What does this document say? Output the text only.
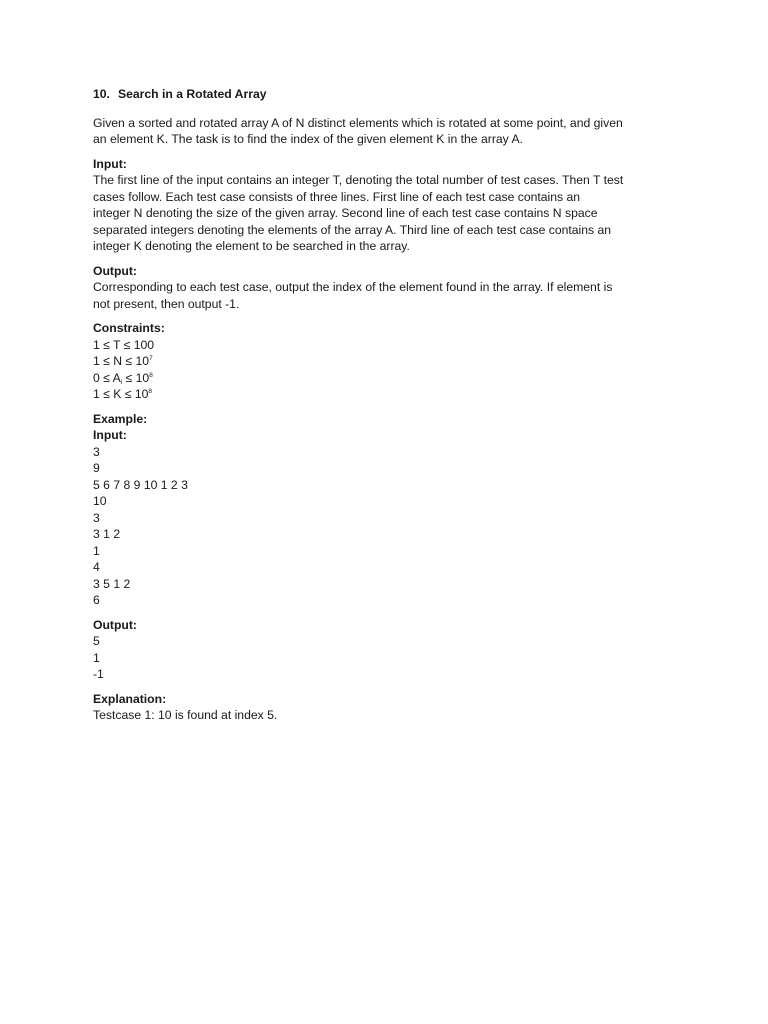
10. Search in a Rotated Array
Given a sorted and rotated array A of N distinct elements which is rotated at some point, and given
an element K. The task is to find the index of the given element K in the array A.
Input:
The first line of the input contains an integer T, denoting the total number of test cases. Then T test
cases follow. Each test case consists of three lines. First line of each test case contains an
integer N denoting the size of the given array. Second line of each test case contains N space
separated integers denoting the elements of the array A. Third line of each test case contains an
integer K denoting the element to be searched in the array.
Output:
Corresponding to each test case, output the index of the element found in the array. If element is
not present, then output -1.
Constraints:
1 ≤ T ≤ 100
$1 \le N \le 10^7$
$0 \le A_i \le 10^8$
$1 \le K \le 10^8$
Example:
Input:
3
9
5 6 7 8 9 10 1 2 3
10
3
3 1 2
1
4
3 5 1 2
6
Output:
5
1
-1
Explanation:
Testcase 1: 10 is found at index 5.
